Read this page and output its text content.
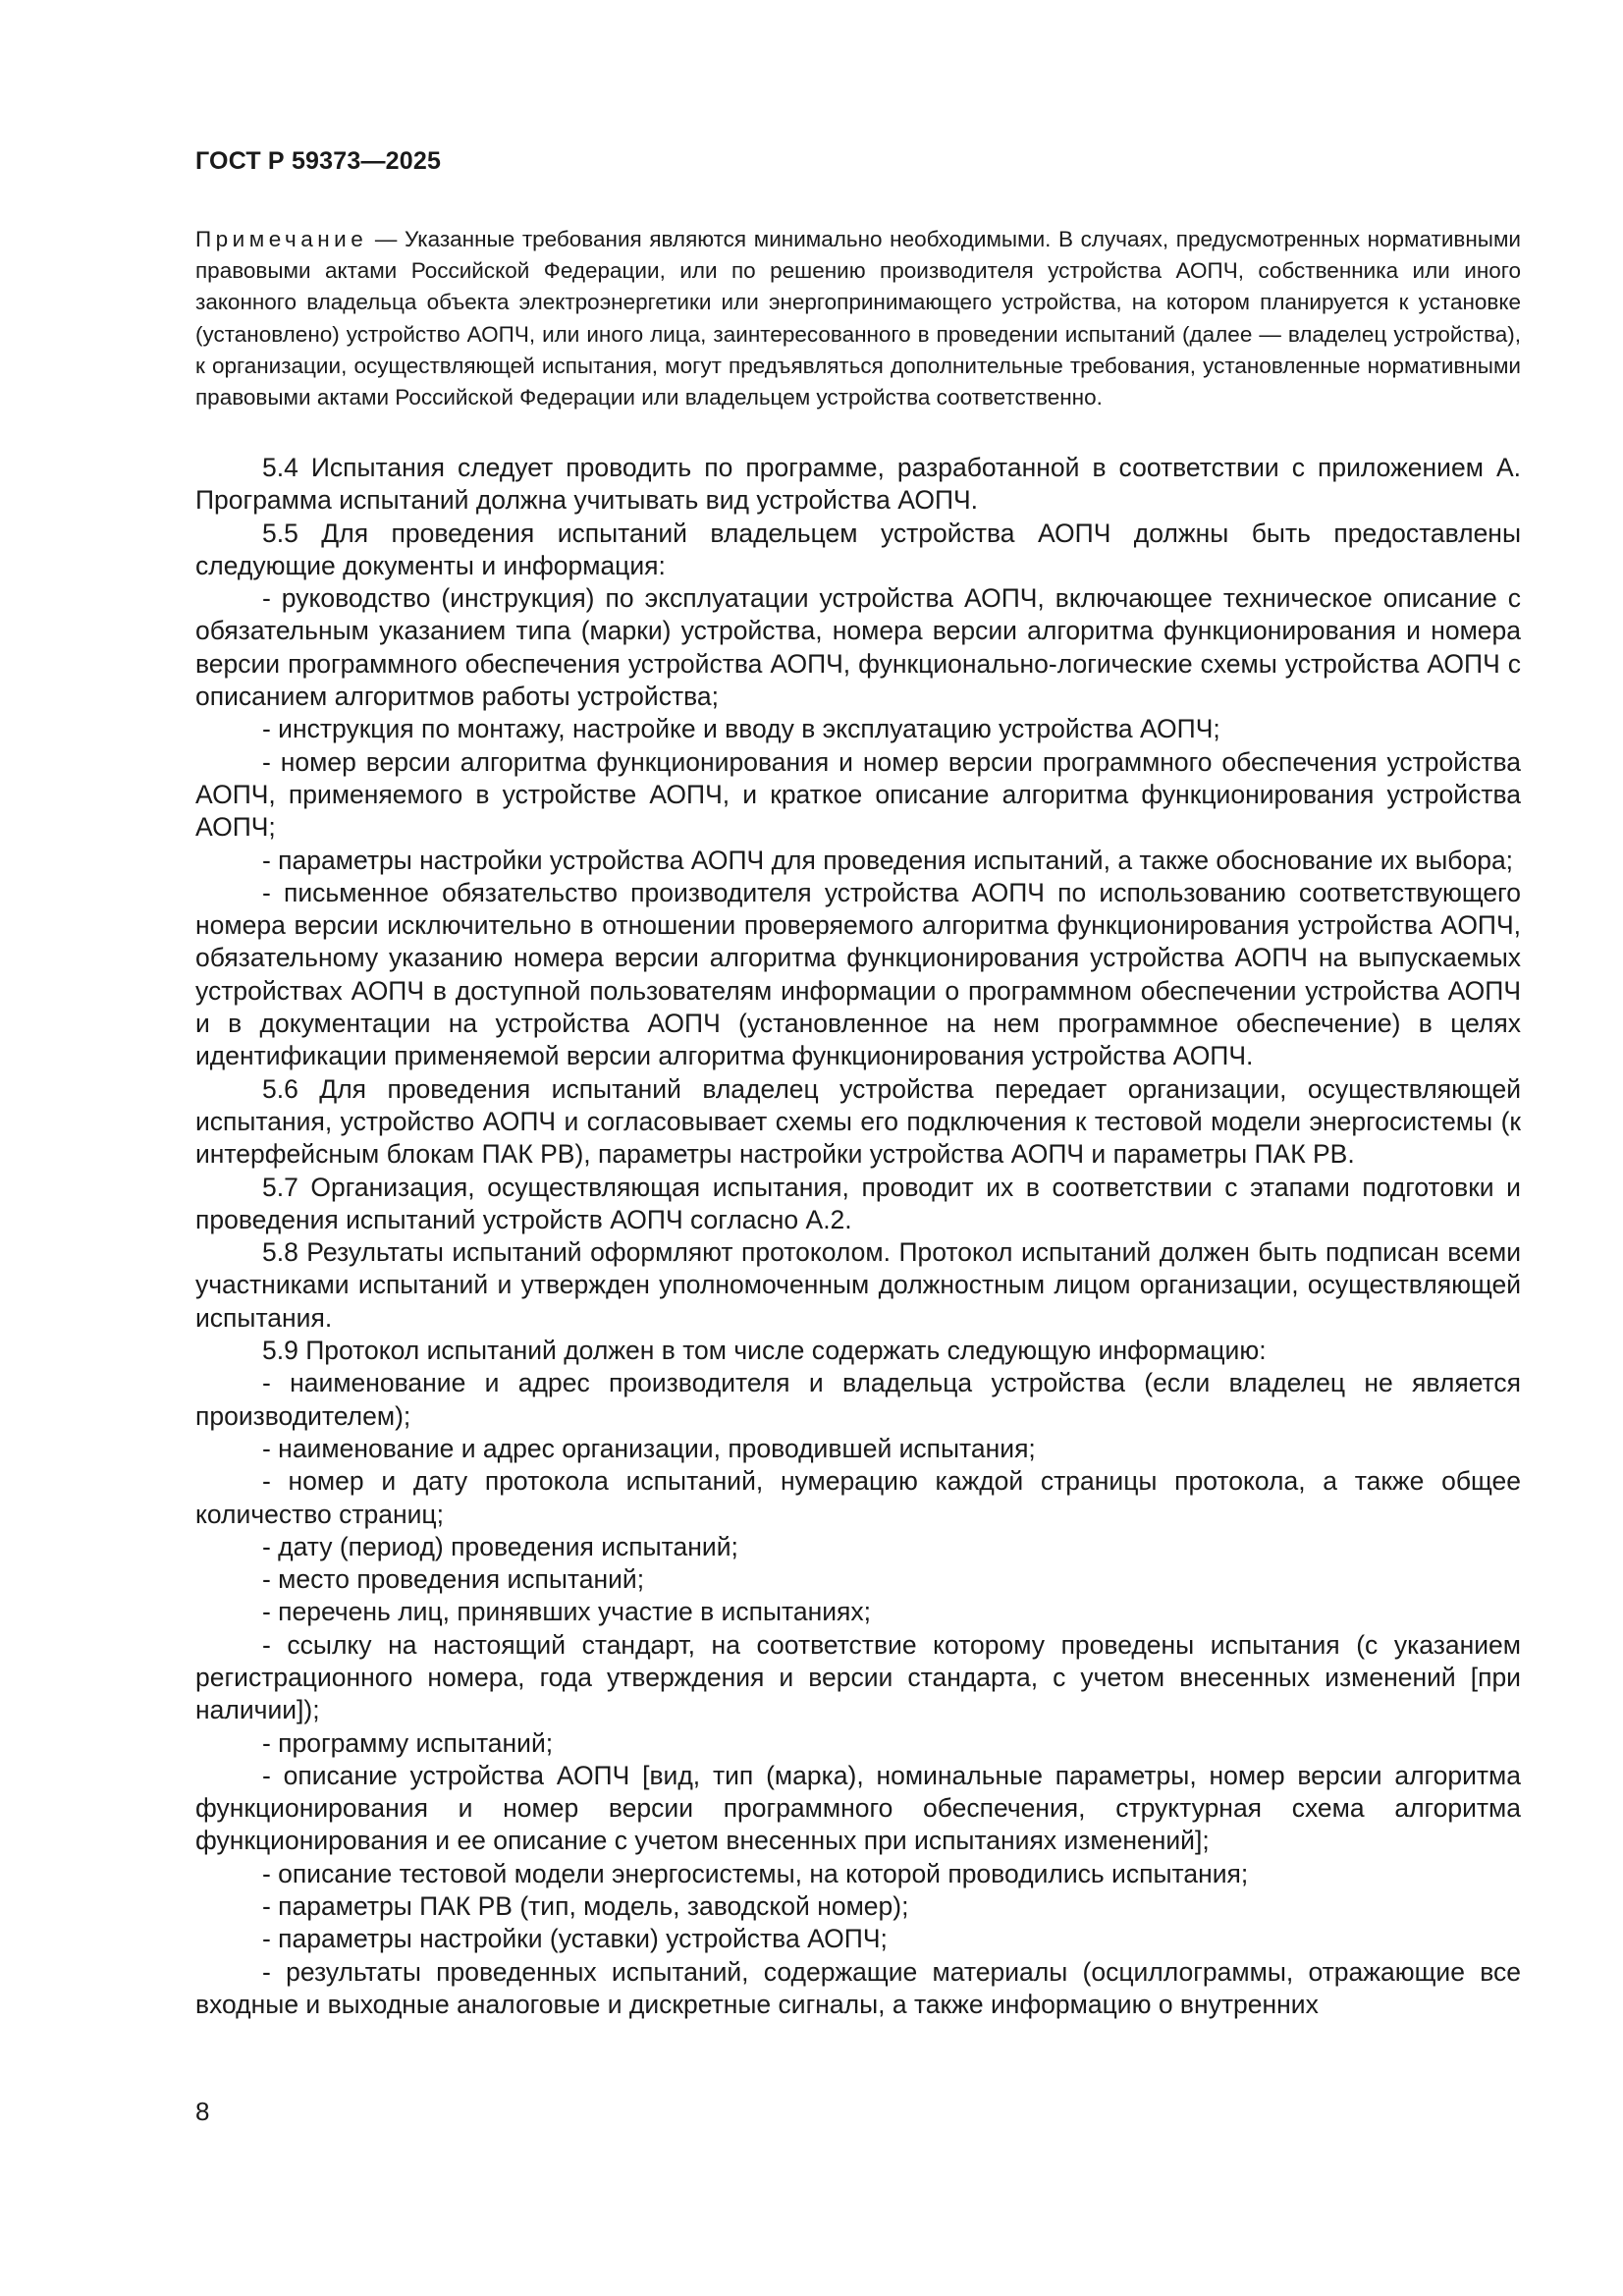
ГОСТ Р 59373—2025
Примечание — Указанные требования являются минимально необходимыми. В случаях, предусмотренных нормативными правовыми актами Российской Федерации, или по решению производителя устройства АОПЧ, собственника или иного законного владельца объекта электроэнергетики или энергопринимающего устройства, на котором планируется к установке (установлено) устройство АОПЧ, или иного лица, заинтересованного в проведении испытаний (далее — владелец устройства), к организации, осуществляющей испытания, могут предъявляться дополнительные требования, установленные нормативными правовыми актами Российской Федерации или владельцем устройства соответственно.

5.4 Испытания следует проводить по программе, разработанной в соответствии с приложением А. Программа испытаний должна учитывать вид устройства АОПЧ.

5.5 Для проведения испытаний владельцем устройства АОПЧ должны быть предоставлены следующие документы и информация:

- руководство (инструкция) по эксплуатации устройства АОПЧ, включающее техническое описание с обязательным указанием типа (марки) устройства, номера версии алгоритма функционирования и номера версии программного обеспечения устройства АОПЧ, функционально-логические схемы устройства АОПЧ с описанием алгоритмов работы устройства;

- инструкция по монтажу, настройке и вводу в эксплуатацию устройства АОПЧ;

- номер версии алгоритма функционирования и номер версии программного обеспечения устройства АОПЧ, применяемого в устройстве АОПЧ, и краткое описание алгоритма функционирования устройства АОПЧ;

- параметры настройки устройства АОПЧ для проведения испытаний, а также обоснование их выбора;

- письменное обязательство производителя устройства АОПЧ по использованию соответствующего номера версии исключительно в отношении проверяемого алгоритма функционирования устройства АОПЧ, обязательному указанию номера версии алгоритма функционирования устройства АОПЧ на выпускаемых устройствах АОПЧ в доступной пользователям информации о программном обеспечении устройства АОПЧ и в документации на устройства АОПЧ (установленное на нем программное обеспечение) в целях идентификации применяемой версии алгоритма функционирования устройства АОПЧ.

5.6 Для проведения испытаний владелец устройства передает организации, осуществляющей испытания, устройство АОПЧ и согласовывает схемы его подключения к тестовой модели энергосистемы (к интерфейсным блокам ПАК РВ), параметры настройки устройства АОПЧ и параметры ПАК РВ.

5.7 Организация, осуществляющая испытания, проводит их в соответствии с этапами подготовки и проведения испытаний устройств АОПЧ согласно А.2.

5.8 Результаты испытаний оформляют протоколом. Протокол испытаний должен быть подписан всеми участниками испытаний и утвержден уполномоченным должностным лицом организации, осуществляющей испытания.

5.9 Протокол испытаний должен в том числе содержать следующую информацию:

- наименование и адрес производителя и владельца устройства (если владелец не является производителем);

- наименование и адрес организации, проводившей испытания;

- номер и дату протокола испытаний, нумерацию каждой страницы протокола, а также общее количество страниц;

- дату (период) проведения испытаний;

- место проведения испытаний;

- перечень лиц, принявших участие в испытаниях;

- ссылку на настоящий стандарт, на соответствие которому проведены испытания (с указанием регистрационного номера, года утверждения и версии стандарта, с учетом внесенных изменений [при наличии]);

- программу испытаний;

- описание устройства АОПЧ [вид, тип (марка), номинальные параметры, номер версии алгоритма функционирования и номер версии программного обеспечения, структурная схема алгоритма функционирования и ее описание с учетом внесенных при испытаниях изменений];

- описание тестовой модели энергосистемы, на которой проводились испытания;

- параметры ПАК РВ (тип, модель, заводской номер);

- параметры настройки (уставки) устройства АОПЧ;

- результаты проведенных испытаний, содержащие материалы (осциллограммы, отражающие все входные и выходные аналоговые и дискретные сигналы, а также информацию о внутренних

8
